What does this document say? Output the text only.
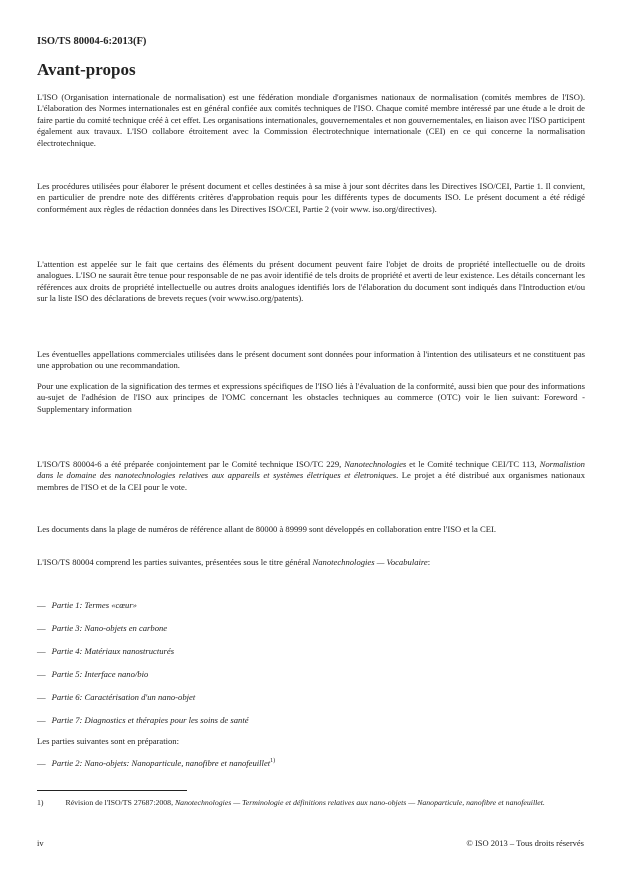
ISO/TS 80004-6:2013(F)
Avant-propos
L'ISO (Organisation internationale de normalisation) est une fédération mondiale d'organismes nationaux de normalisation (comités membres de l'ISO). L'élaboration des Normes internationales est en général confiée aux comités techniques de l'ISO. Chaque comité membre intéressé par une étude a le droit de faire partie du comité technique créé à cet effet. Les organisations internationales, gouvernementales et non gouvernementales, en liaison avec l'ISO participent également aux travaux. L'ISO collabore étroitement avec la Commission électrotechnique internationale (CEI) en ce qui concerne la normalisation électrotechnique.
Les procédures utilisées pour élaborer le présent document et celles destinées à sa mise à jour sont décrites dans les Directives ISO/CEI, Partie 1. Il convient, en particulier de prendre note des différents critères d'approbation requis pour les différents types de documents ISO. Le présent document a été rédigé conformément aux règles de rédaction données dans les Directives ISO/CEI, Partie 2 (voir www. iso.org/directives).
L'attention est appelée sur le fait que certains des éléments du présent document peuvent faire l'objet de droits de propriété intellectuelle ou de droits analogues. L'ISO ne saurait être tenue pour responsable de ne pas avoir identifié de tels droits de propriété et averti de leur existence. Les détails concernant les références aux droits de propriété intellectuelle ou autres droits analogues identifiés lors de l'élaboration du document sont indiqués dans l'Introduction et/ou sur la liste ISO des déclarations de brevets reçues (voir www.iso.org/patents).
Les éventuelles appellations commerciales utilisées dans le présent document sont données pour information à l'intention des utilisateurs et ne constituent pas une approbation ou une recommandation.
Pour une explication de la signification des termes et expressions spécifiques de l'ISO liés à l'évaluation de la conformité, aussi bien que pour des informations au-sujet de l'adhésion de l'ISO aux principes de l'OMC concernant les obstacles techniques au commerce (OTC) voir le lien suivant: Foreword - Supplementary information
L'ISO/TS 80004-6 a été préparée conjointement par le Comité technique ISO/TC 229, Nanotechnologies et le Comité technique CEI/TC 113, Normalistion dans le domaine des nanotechnologies relatives aux appareils et systèmes életriques et életroniques. Le projet a été distribué aux organismes nationaux membres de l'ISO et de la CEI pour le vote.
Les documents dans la plage de numéros de référence allant de 80000 à 89999 sont développés en collaboration entre l'ISO et la CEI.
L'ISO/TS 80004 comprend les parties suivantes, présentées sous le titre général Nanotechnologies — Vocabulaire:
— Partie 1: Termes «cœur»
— Partie 3: Nano-objets en carbone
— Partie 4: Matériaux nanostructurés
— Partie 5: Interface nano/bio
— Partie 6: Caractérisation d'un nano-objet
— Partie 7: Diagnostics et thérapies pour les soins de santé
Les parties suivantes sont en préparation:
— Partie 2: Nano-objets: Nanoparticule, nanofibre et nanofeuillet$^{1)}$
1)	Révision de l'ISO/TS 27687:2008, Nanotechnologies — Terminologie et définitions relatives aux nano-objets — Nanoparticule, nanofibre et nanofeuillet.
iv	© ISO 2013 – Tous droits réservés
